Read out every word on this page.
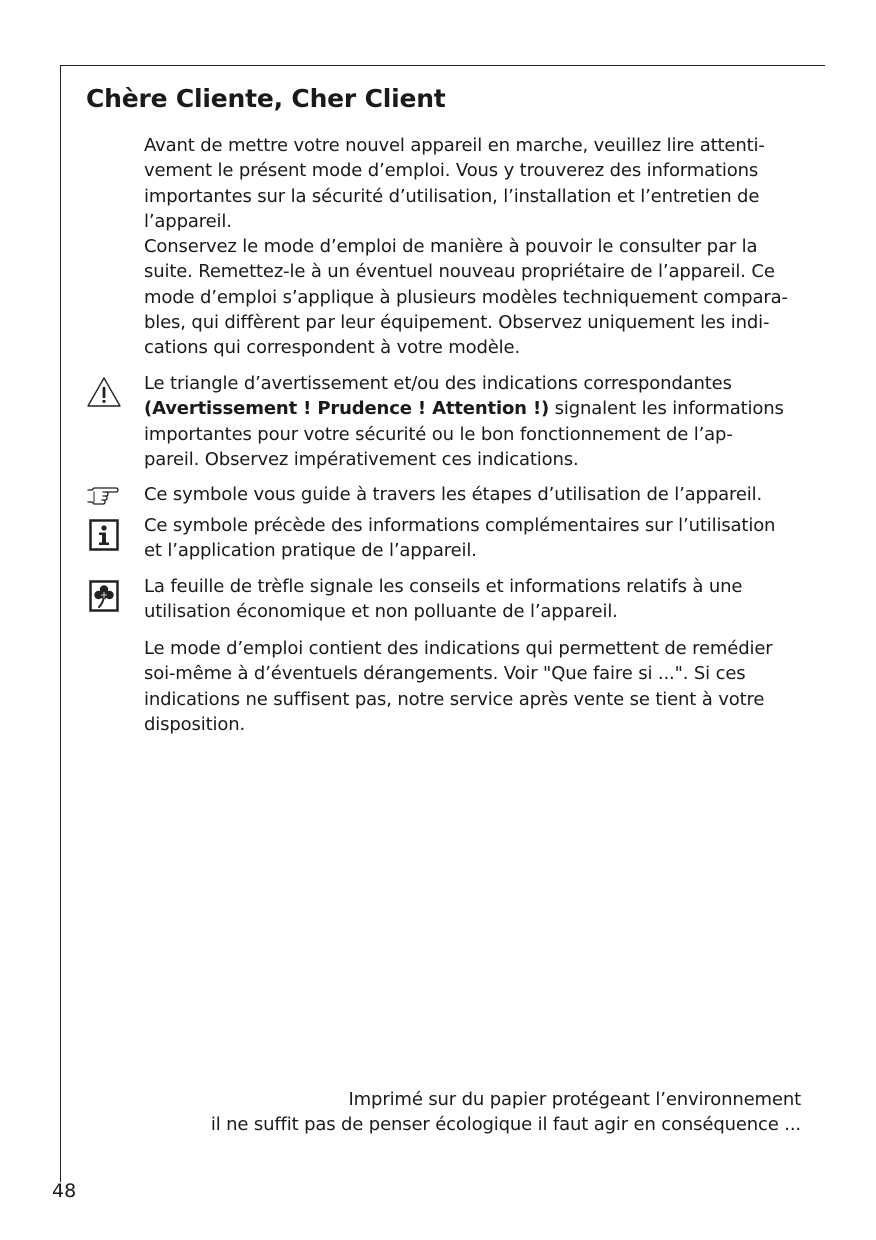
Chère Cliente, Cher Client

Avant de mettre votre nouvel appareil en marche, veuillez lire attenti-
vement le présent mode d’emploi. Vous y trouverez des informations
importantes sur la sécurité d’utilisation, l’installation et l’entretien de
l’appareil.
Conservez le mode d’emploi de manière à pouvoir le consulter par la
suite. Remettez-le à un éventuel nouveau propriétaire de l’appareil. Ce
mode d’emploi s’applique à plusieurs modèles techniquement compara-
bles, qui diffèrent par leur équipement. Observez uniquement les indi-
cations qui correspondent à votre modèle.

Le triangle d’avertissement et/ou des indications correspondantes
(Avertissement ! Prudence ! Attention !) signalent les informations
importantes pour votre sécurité ou le bon fonctionnement de l’ap-
pareil. Observez impérativement ces indications.

Ce symbole vous guide à travers les étapes d’utilisation de l’appareil.

Ce symbole précède des informations complémentaires sur l’utilisation
et l’application pratique de l’appareil.

La feuille de trèfle signale les conseils et informations relatifs à une
utilisation économique et non polluante de l’appareil.

Le mode d’emploi contient des indications qui permettent de remédier
soi-même à d’éventuels dérangements. Voir "Que faire si ...". Si ces
indications ne suffisent pas, notre service après vente se tient à votre
disposition.

Imprimé sur du papier protégeant l’environnement
il ne suffit pas de penser écologique il faut agir en conséquence ...
48
